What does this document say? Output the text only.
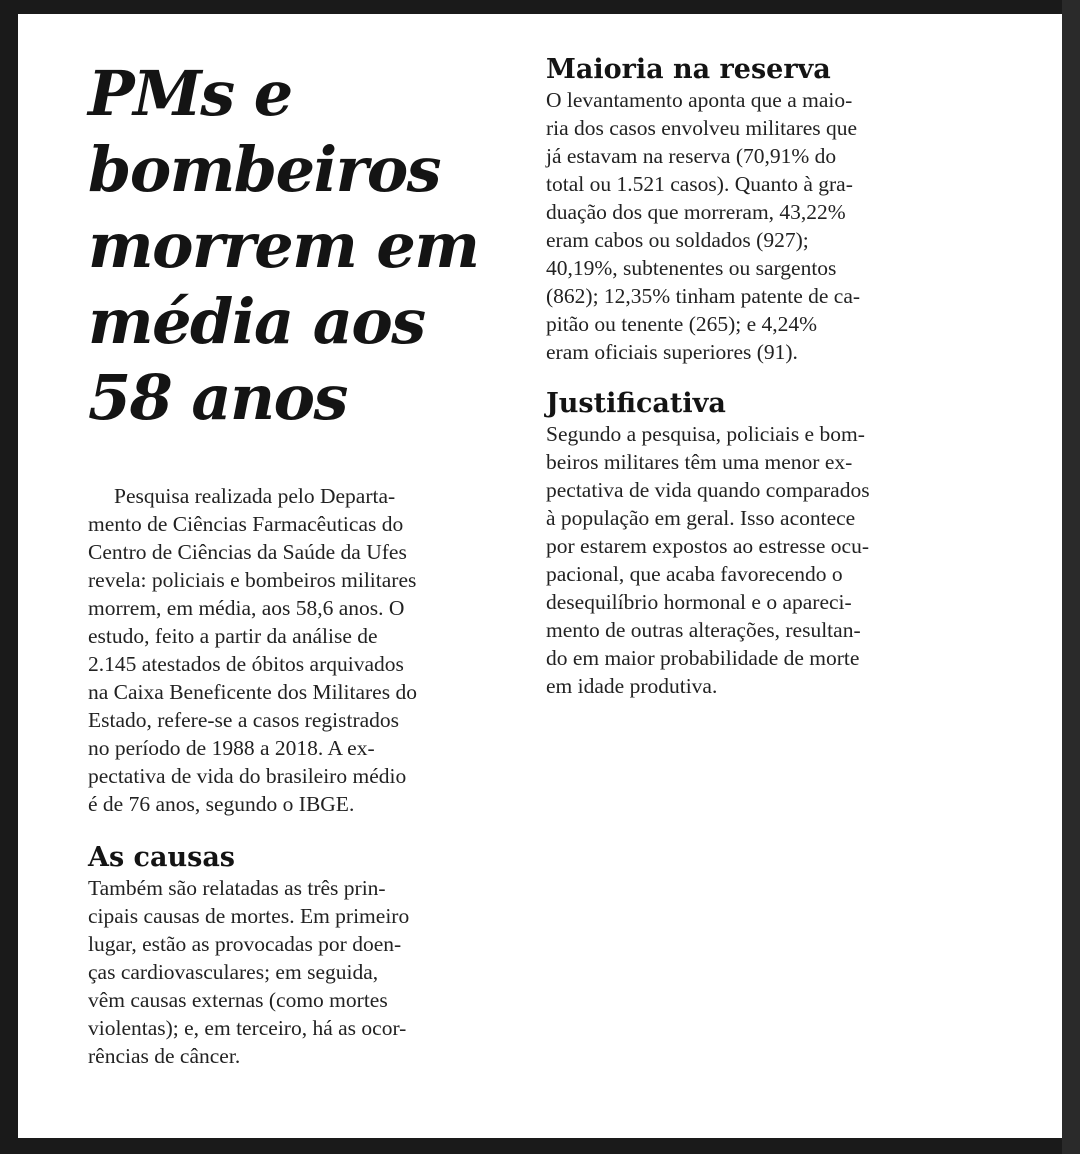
PMs e
bombeiros
morrem em
média aos
58 anos

Pesquisa realizada pelo Departa-
mento de Ciências Farmacêuticas do
Centro de Ciências da Saúde da Ufes
revela: policiais e bombeiros militares
morrem, em média, aos 58,6 anos. O
estudo, feito a partir da análise de
2.145 atestados de óbitos arquivados
na Caixa Beneficente dos Militares do
Estado, refere-se a casos registrados
no período de 1988 a 2018. A ex-
pectativa de vida do brasileiro médio
é de 76 anos, segundo o IBGE.

As causas

Também são relatadas as três prin-
cipais causas de mortes. Em primeiro
lugar, estão as provocadas por doen-
ças cardiovasculares; em seguida,
vêm causas externas (como mortes
violentas); e, em terceiro, há as ocor-
rências de câncer.

Maioria na reserva

O levantamento aponta que a maio-
ria dos casos envolveu militares que
já estavam na reserva (70,91% do
total ou 1.521 casos). Quanto à gra-
duação dos que morreram, 43,22%
eram cabos ou soldados (927);
40,19%, subtenentes ou sargentos
(862); 12,35% tinham patente de ca-
pitão ou tenente (265); e 4,24%
eram oficiais superiores (91).

Justificativa

Segundo a pesquisa, policiais e bom-
beiros militares têm uma menor ex-
pectativa de vida quando comparados
à população em geral. Isso acontece
por estarem expostos ao estresse ocu-
pacional, que acaba favorecendo o
desequilíbrio hormonal e o apareci-
mento de outras alterações, resultan-
do em maior probabilidade de morte
em idade produtiva.
